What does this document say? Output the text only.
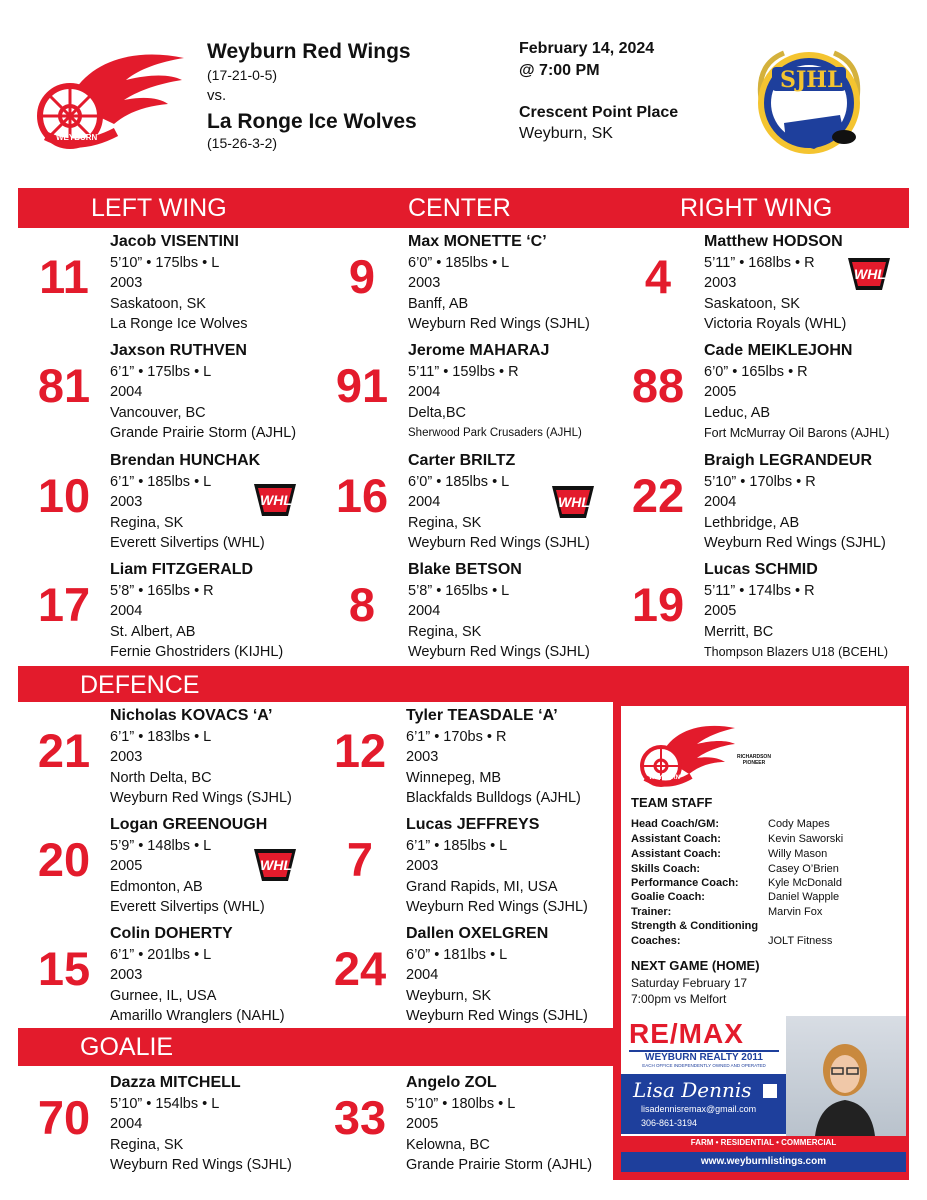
WEYBURN
Weyburn Red Wings
(17-21-0-5)
vs.
La Ronge Ice Wolves
(15-26-3-2)
February 14, 2024
@ 7:00 PM
Crescent Point Place
Weyburn, SK
SJHL
LEFT WING	CENTER	RIGHT WING
DEFENCE
GOALIE
11
Jacob VISENTINI
5’10” • 175lbs • L
2003
Saskatoon, SK
La Ronge Ice Wolves
9
Max MONETTE ‘C’
6’0” • 185lbs • L
2003
Banff, AB
Weyburn Red Wings (SJHL)
4
Matthew HODSON
5’11” • 168lbs • R
2003
Saskatoon, SK
Victoria Royals (WHL)
81
Jaxson RUTHVEN
6’1” • 175lbs • L
2004
Vancouver, BC
Grande Prairie Storm (AJHL)
91
Jerome MAHARAJ
5’11” • 159lbs • R
2004
Delta,BC
Sherwood Park Crusaders (AJHL)
88
Cade MEIKLEJOHN
6’0” • 165lbs • R
2005
Leduc, AB
Fort McMurray Oil Barons (AJHL)
10
Brendan HUNCHAK
6’1” • 185lbs • L
2003
Regina, SK
Everett Silvertips (WHL)
16
Carter BRILTZ
6’0” • 185lbs • L
2004
Regina, SK
Weyburn Red Wings (SJHL)
22
Braigh LEGRANDEUR
5’10” • 170lbs • R
2004
Lethbridge, AB
Weyburn Red Wings (SJHL)
17
Liam FITZGERALD
5’8” • 165lbs • R
2004
St. Albert, AB
Fernie Ghostriders (KIJHL)
8
Blake BETSON
5’8” • 165lbs • L
2004
Regina, SK
Weyburn Red Wings (SJHL)
19
Lucas SCHMID
5’11” • 174lbs • R
2005
Merritt, BC
Thompson Blazers U18 (BCEHL)
21
Nicholas KOVACS ‘A’
6’1” • 183lbs • L
2003
North Delta, BC
Weyburn Red Wings (SJHL)
12
Tyler TEASDALE ‘A’
6’1” • 170bs • R
2003
Winnepeg, MB
Blackfalds Bulldogs (AJHL)
20
Logan GREENOUGH
5’9” • 148lbs • L
2005
Edmonton, AB
Everett Silvertips (WHL)
7
Lucas JEFFREYS
6’1” • 185lbs • L
2003
Grand Rapids, MI, USA
Weyburn Red Wings (SJHL)
15
Colin DOHERTY
6’1” • 201lbs • L
2003
Gurnee, IL, USA
Amarillo Wranglers (NAHL)
24
Dallen OXELGREN
6’0” • 181lbs • L
2004
Weyburn, SK
Weyburn Red Wings (SJHL)
70
Dazza MITCHELL
5’10” • 154lbs • L
2004
Regina, SK
Weyburn Red Wings (SJHL)
33
Angelo ZOL
5’10” • 180lbs • L
2005
Kelowna, BC
Grande Prairie Storm (AJHL)
WHL
WHL	WHL
WHL
WEYBURN
RICHARDSON PIONEER
TEAM STAFF
Head Coach/GM:	Cody Mapes
Assistant Coach:	Kevin Saworski
Assistant Coach:	Willy Mason
Skills Coach:	Casey O’Brien
Performance Coach:	Kyle McDonald
Goalie Coach:	Daniel Wapple
Trainer:	Marvin Fox
Strength & Conditioning
Coaches:	JOLT Fitness
NEXT GAME (HOME)
Saturday February 17
7:00pm vs Melfort
RE/MAX
WEYBURN REALTY 2011
EACH OFFICE INDEPENDENTLY OWNED AND OPERATED
Lisa Dennis
lisadennisremax@gmail.com
306-861-3194
FARM • RESIDENTIAL • COMMERCIAL
www.weyburnlistings.com
